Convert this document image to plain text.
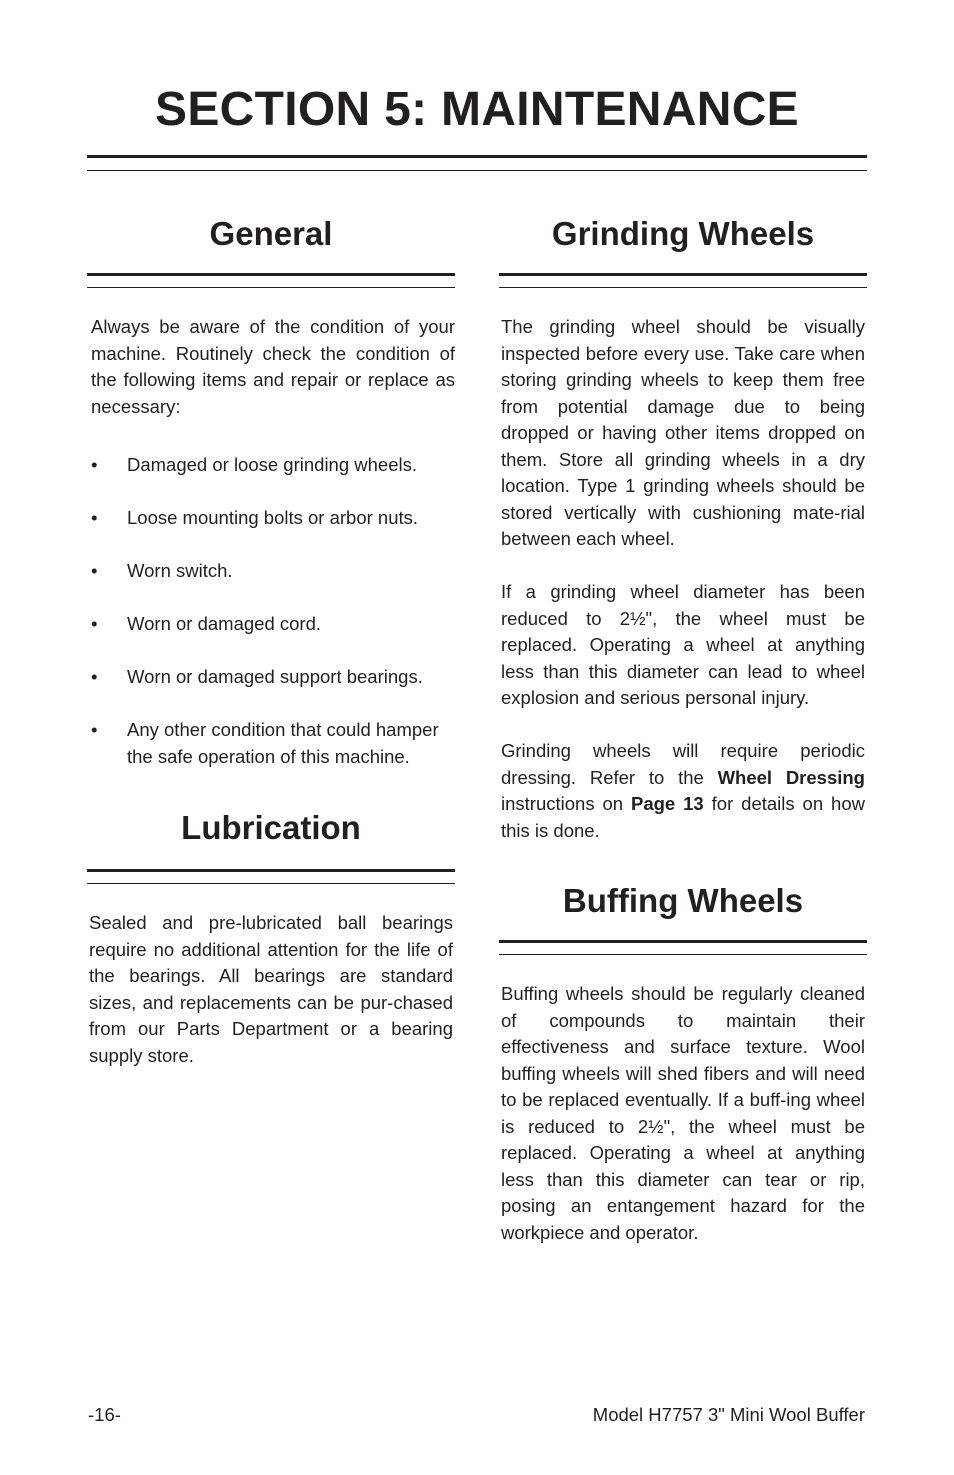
SECTION 5: MAINTENANCE
General

Always be aware of the condition of your machine. Routinely check the condition of the following items and repair or replace as necessary:

• Damaged or loose grinding wheels.
• Loose mounting bolts or arbor nuts.
• Worn switch.
• Worn or damaged cord.
• Worn or damaged support bearings.
• Any other condition that could hamper the safe operation of this machine.
Lubrication

Sealed and pre-lubricated ball bearings require no additional attention for the life of the bearings. All bearings are standard sizes, and replacements can be pur-chased from our Parts Department or a bearing supply store.

Grinding Wheels

The grinding wheel should be visually inspected before every use. Take care when storing grinding wheels to keep them free from potential damage due to being dropped or having other items dropped on them. Store all grinding wheels in a dry location. Type 1 grinding wheels should be stored vertically with cushioning mate-rial between each wheel.

If a grinding wheel diameter has been reduced to 2½", the wheel must be replaced. Operating a wheel at anything less than this diameter can lead to wheel explosion and serious personal injury.

Grinding wheels will require periodic dressing. Refer to the Wheel Dressing instructions on Page 13 for details on how this is done.

Buffing Wheels

Buffing wheels should be regularly cleaned of compounds to maintain their effectiveness and surface texture. Wool buffing wheels will shed fibers and will need to be replaced eventually. If a buff-ing wheel is reduced to 2½", the wheel must be replaced. Operating a wheel at anything less than this diameter can tear or rip, posing an entangement hazard for the workpiece and operator.

-16-	Model H7757 3" Mini Wool Buffer
